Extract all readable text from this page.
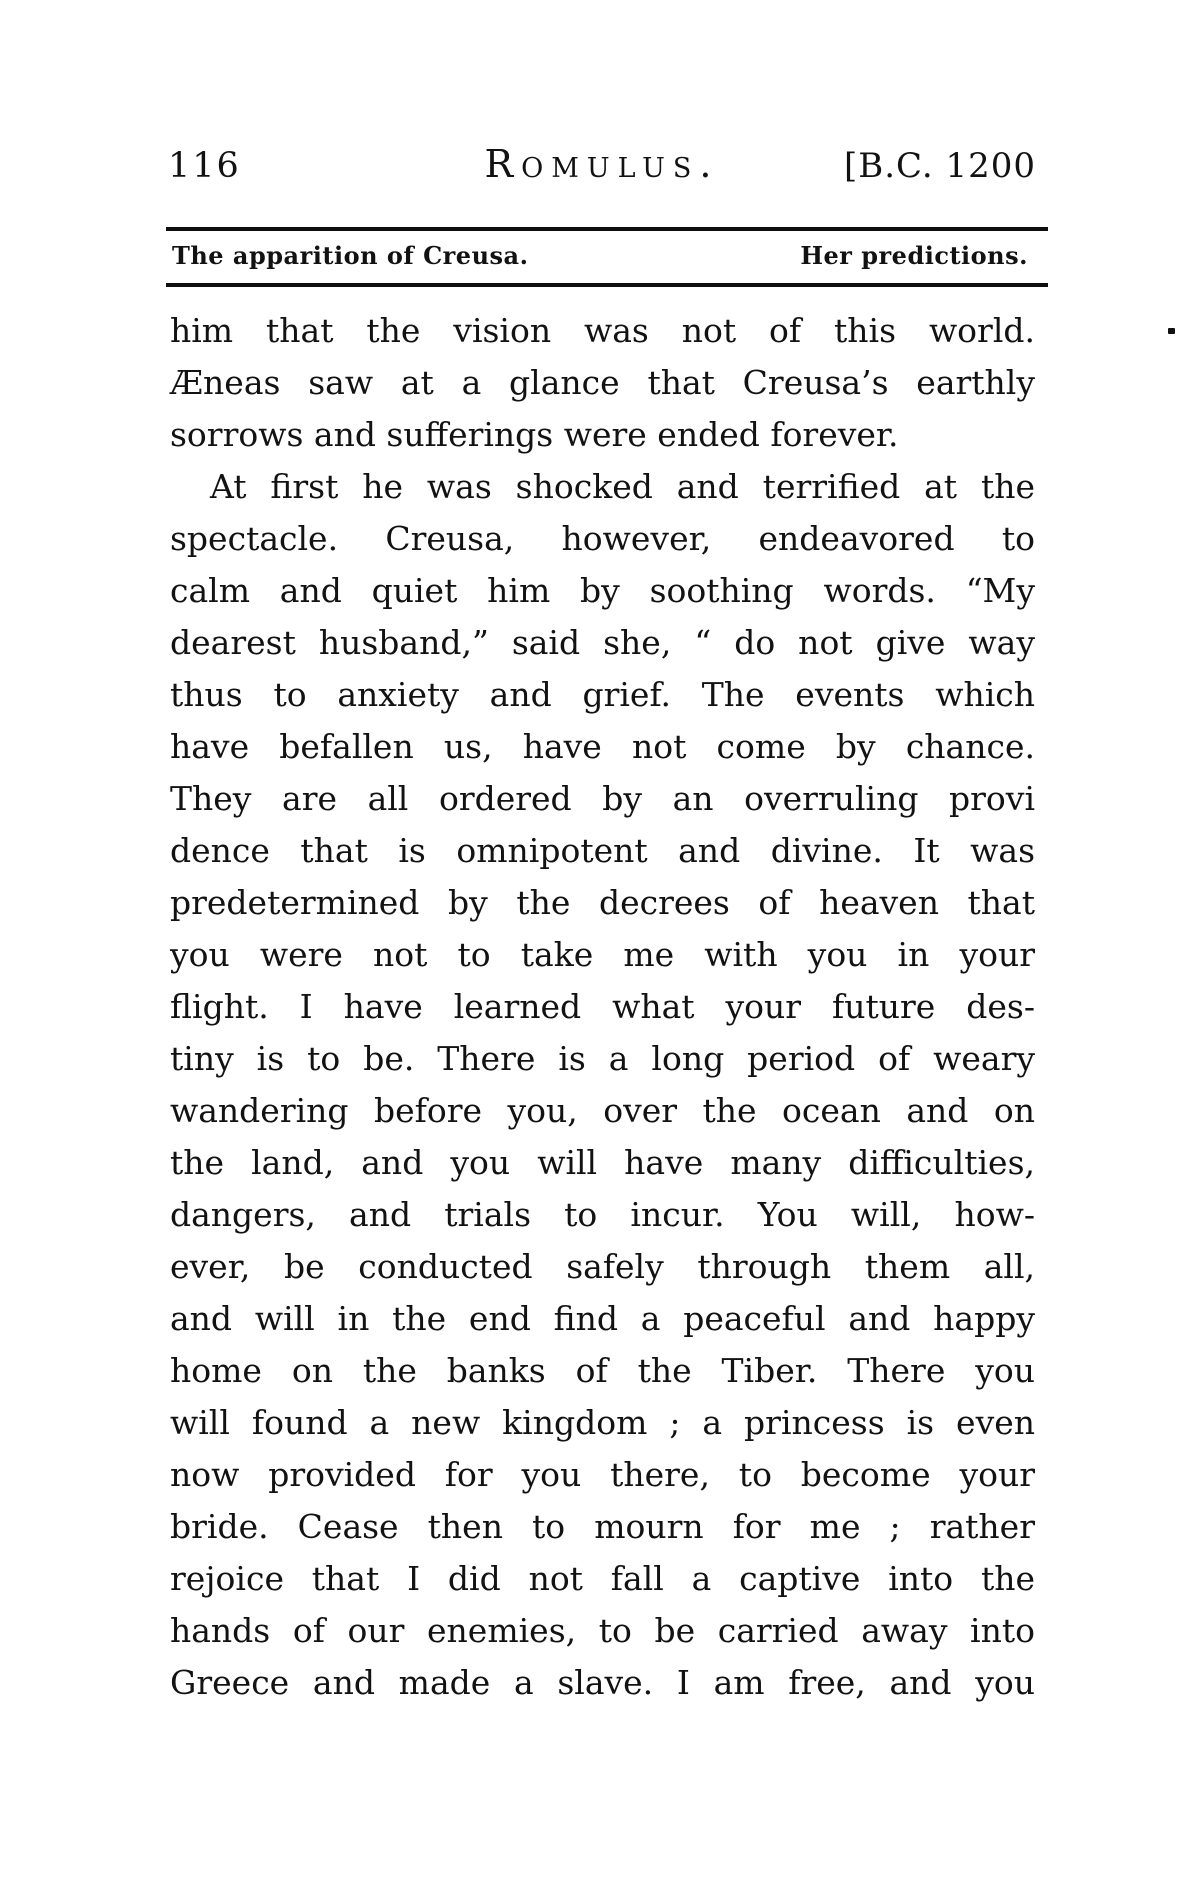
116	Romulus.	[B.C. 1200
The apparition of Creusa.	Her predictions.
him that the vision was not of this world.
Æneas saw at a glance that Creusa’s earthly
sorrows and sufferings were ended forever.
At first he was shocked and terrified at the
spectacle. Creusa, however, endeavored to
calm and quiet him by soothing words. “My
dearest husband,” said she, “ do not give way
thus to anxiety and grief. The events which
have befallen us, have not come by chance.
They are all ordered by an overruling provi
dence that is omnipotent and divine. It was
predetermined by the decrees of heaven that
you were not to take me with you in your
flight. I have learned what your future des-
tiny is to be. There is a long period of weary
wandering before you, over the ocean and on
the land, and you will have many difficulties,
dangers, and trials to incur. You will, how-
ever, be conducted safely through them all,
and will in the end find a peaceful and happy
home on the banks of the Tiber. There you
will found a new kingdom ; a princess is even
now provided for you there, to become your
bride. Cease then to mourn for me ; rather
rejoice that I did not fall a captive into the
hands of our enemies, to be carried away into
Greece and made a slave. I am free, and you
